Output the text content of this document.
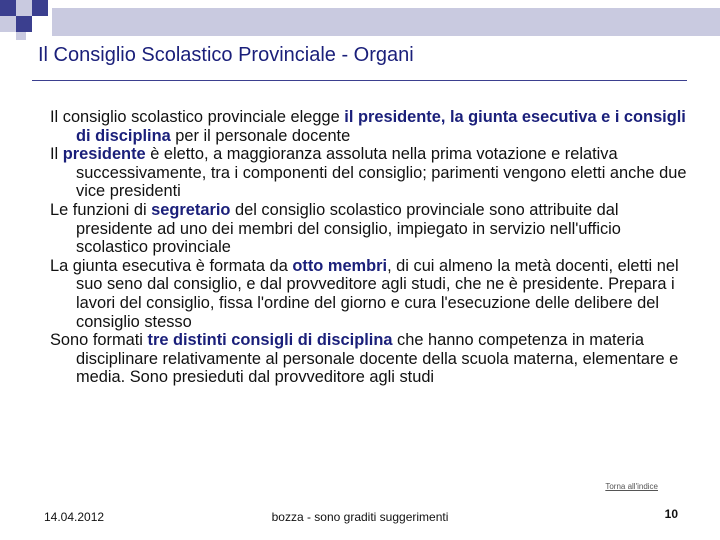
Il Consiglio Scolastico Provinciale - Organi

Il consiglio scolastico provinciale elegge il presidente, la giunta esecutiva e i consigli di disciplina per il personale docente

Il presidente è eletto, a maggioranza assoluta nella prima votazione e relativa successivamente, tra i componenti del consiglio; parimenti vengono eletti anche due vice presidenti

Le funzioni di segretario del consiglio scolastico provinciale sono attribuite dal presidente ad uno dei membri del consiglio, impiegato in servizio nell'ufficio scolastico provinciale

La giunta esecutiva è formata da otto membri, di cui almeno la metà docenti, eletti nel suo seno dal consiglio, e dal provveditore agli studi, che ne è presidente. Prepara i lavori del consiglio, fissa l'ordine del giorno e cura l'esecuzione delle delibere del consiglio stesso

Sono formati tre distinti consigli di disciplina che hanno competenza in materia disciplinare relativamente al personale docente della scuola materna, elementare e media. Sono presieduti dal provveditore agli studi

Torna all'indice
14.04.2012	bozza - sono graditi suggerimenti	10
